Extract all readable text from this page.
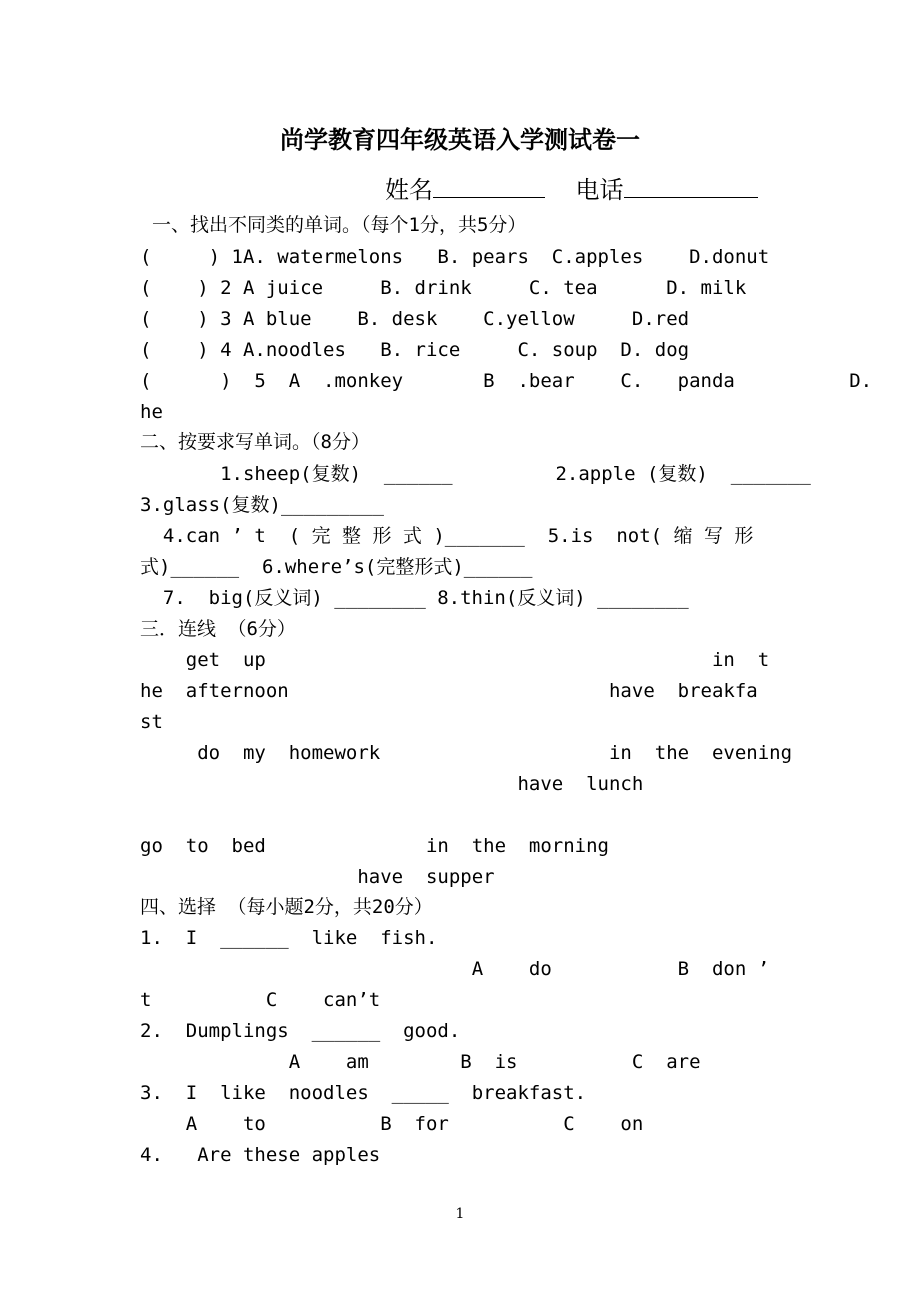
尚学教育四年级英语入学测试卷一
姓名	电话
一、找出不同类的单词。（每个1分，共5分）
(     ) 1A. watermelons   B. pears  C.apples    D.donut
(    ) 2 A juice     B. drink     C. tea      D. milk
(    ) 3 A blue    B. desk    C.yellow     D.red
(    ) 4 A.noodles   B. rice     C. soup  D. dog
(      )  5  A  .monkey       B  .bear    C.   panda          D.
he
二、按要求写单词。（8分）
1.sheep(复数)  ______         2.apple (复数)  _______
3.glass(复数)_________
4.can ’ t  ( 完 整 形 式 )_______  5.is  not( 缩 写 形
式)______  6.where’s(完整形式)______
7.  big(反义词) ________ 8.thin(反义词) ________
三．连线 （6分）
get  up                                       in  t
he  afternoon                            have  breakfa
st
do  my  homework                    in  the  evening
have  lunch
go  to  bed              in  the  morning
have  supper
四、选择 （每小题2分，共20分）
1.  I  ______  like  fish.
A    do           B  don ’
t          C    can’t
2.  Dumplings  ______  good.
A    am        B  is          C  are
3.  I  like  noodles  _____  breakfast.
A    to          B  for          C    on
4.   Are these apples
1
